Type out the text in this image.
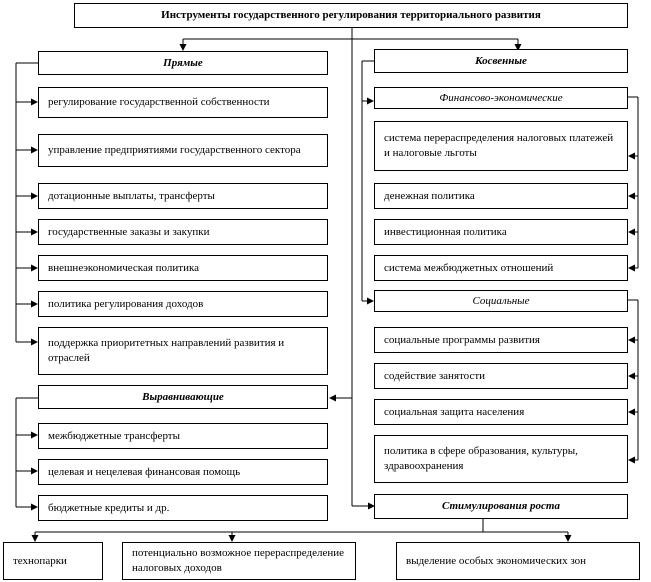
Инструменты государственного регулирования территориального развития
Прямые
регулирование государственной собственности
управление предприятиями государственного сектора
дотационные выплаты, трансферты
государственные заказы и закупки
внешнеэкономическая политика
политика регулирования доходов
поддержка приоритетных направлений развития и отраслей
Выравнивающие
межбюджетные трансферты
целевая и нецелевая финансовая помощь
бюджетные кредиты и др.
Косвенные
Финансово-экономические
система перераспределения налоговых платежей и налоговые льготы
денежная политика
инвестиционная политика
система межбюджетных отношений
Социальные
социальные программы развития
содействие занятости
социальная защита населения
политика в сфере образования, культуры, здравоохранения
Стимулирования роста
технопарки
потенциально возможное перераспределение налоговых доходов
выделение особых экономических зон
